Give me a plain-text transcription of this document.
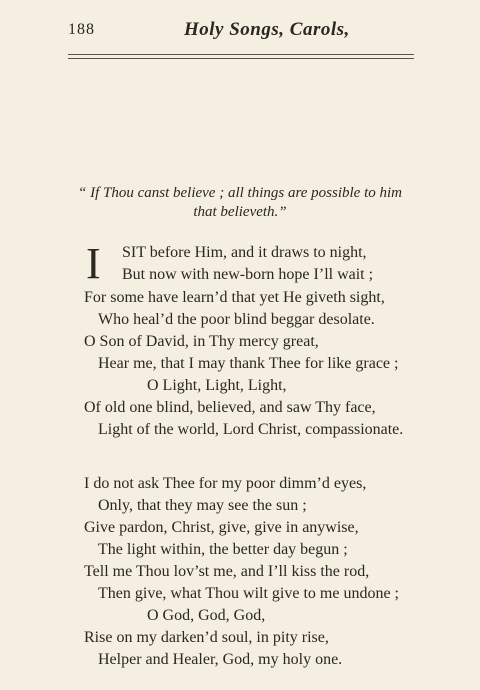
188	Holy Songs, Carols,
“ If Thou canst believe ; all things are possible to him
that believeth.”
I SIT before Him, and it draws to night,
But now with new-born hope I’ll wait ;
For some have learn’d that yet He giveth sight,
Who heal’d the poor blind beggar desolate.
O Son of David, in Thy mercy great,
Hear me, that I may thank Thee for like grace ;
O Light, Light, Light,
Of old one blind, believed, and saw Thy face,
Light of the world, Lord Christ, compassionate.
I do not ask Thee for my poor dimm’d eyes,
Only, that they may see the sun ;
Give pardon, Christ, give, give in anywise,
The light within, the better day begun ;
Tell me Thou lov’st me, and I’ll kiss the rod,
Then give, what Thou wilt give to me undone ;
O God, God, God,
Rise on my darken’d soul, in pity rise,
Helper and Healer, God, my holy one.
